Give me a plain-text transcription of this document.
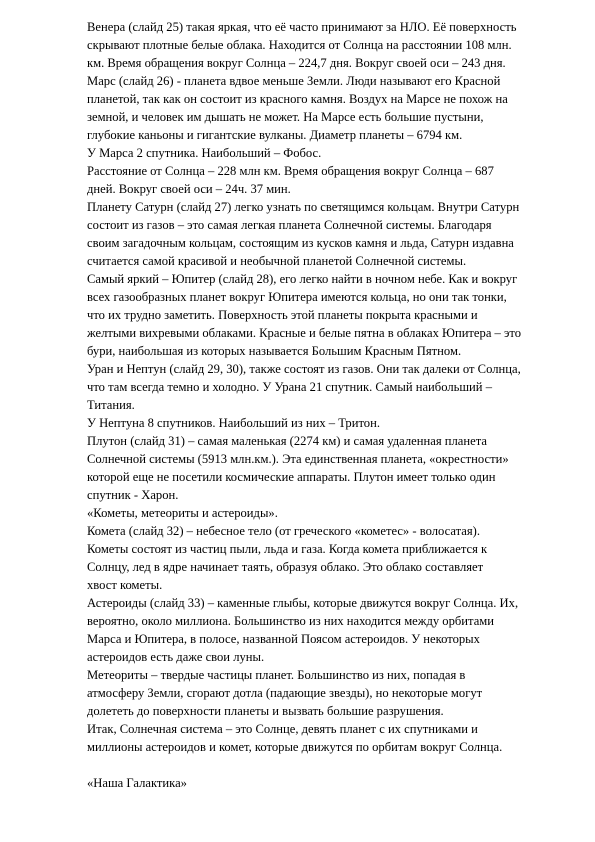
Венера (слайд 25) такая яркая, что её часто принимают за НЛО. Её поверхность
скрывают плотные белые облака. Находится от Солнца на расстоянии 108 млн.
км. Время обращения вокруг Солнца – 224,7 дня. Вокруг своей оси – 243 дня.
Марс (слайд 26) - планета вдвое меньше Земли. Люди называют его Красной
планетой, так как он состоит из красного камня. Воздух на Марсе не похож на
земной, и человек им дышать не может. На Марсе есть большие пустыни,
глубокие каньоны и гигантские вулканы. Диаметр планеты – 6794 км.
У Марса 2 спутника. Наибольший – Фобос.
Расстояние от Солнца – 228 млн км. Время обращения вокруг Солнца – 687
дней. Вокруг своей оси – 24ч. 37 мин.
Планету Сатурн (слайд 27) легко узнать по светящимся кольцам. Внутри Сатурн
состоит из газов – это самая легкая планета Солнечной системы. Благодаря
своим загадочным кольцам, состоящим из кусков камня и льда, Сатурн издавна
считается самой красивой и необычной планетой Солнечной системы.
Самый яркий – Юпитер (слайд 28), его легко найти в ночном небе. Как и вокруг
всех газообразных планет вокруг Юпитера имеются кольца, но они так тонки,
что их трудно заметить. Поверхность этой планеты покрыта красными и
желтыми вихревыми облаками. Красные и белые пятна в облаках Юпитера – это
бури, наибольшая из которых называется Большим Красным Пятном.
Уран и Нептун (слайд 29, 30), также состоят из газов. Они так далеки от Солнца,
что там всегда темно и холодно. У Урана 21 спутник. Самый наибольший –
Титания.
У Нептуна 8 спутников. Наибольший из них – Тритон.
Плутон (слайд 31) – самая маленькая (2274 км) и самая удаленная планета
Солнечной системы (5913 млн.км.). Эта единственная планета, «окрестности»
которой еще не посетили космические аппараты. Плутон имеет только один
спутник - Харон.
«Кометы, метеориты и астероиды».
Комета (слайд 32) – небесное тело (от греческого «кометес» - волосатая).
Кометы состоят из частиц пыли, льда и газа. Когда комета приближается к
Солнцу, лед в ядре начинает таять, образуя облако. Это облако составляет
хвост кометы.
Астероиды (слайд 33) – каменные глыбы, которые движутся вокруг Солнца. Их,
вероятно, около миллиона. Большинство из них находится между орбитами
Марса и Юпитера, в полосе, названной Поясом астероидов. У некоторых
астероидов есть даже свои луны.
Метеориты – твердые частицы планет. Большинство из них, попадая в
атмосферу Земли, сгорают дотла (падающие звезды), но некоторые могут
долететь до поверхности планеты и вызвать большие разрушения.
Итак, Солнечная система – это Солнце, девять планет с их спутниками и
миллионы астероидов и комет, которые движутся по орбитам вокруг Солнца.
«Наша Галактика»
